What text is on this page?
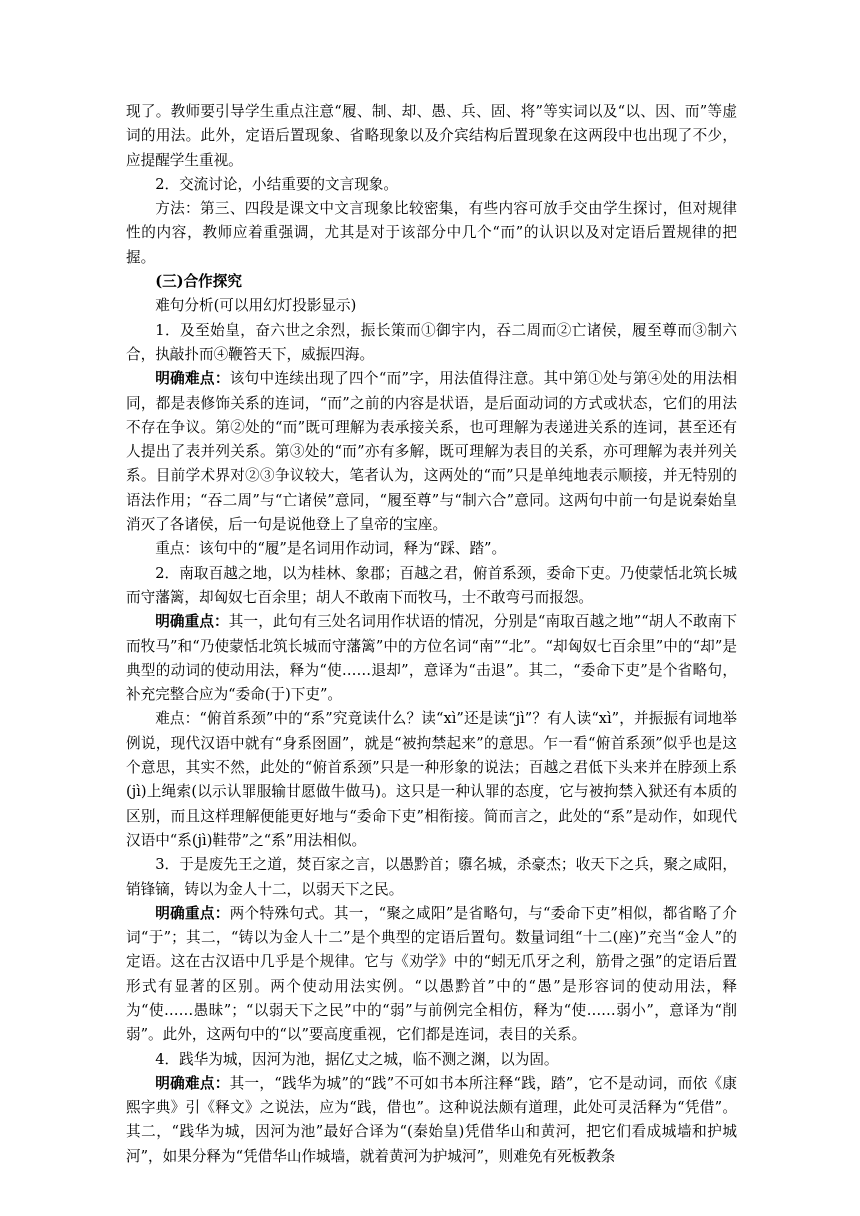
现了。教师要引导学生重点注意“履、制、却、愚、兵、固、将”等实词以及“以、因、而”等虚词的用法。此外，定语后置现象、省略现象以及介宾结构后置现象在这两段中也出现了不少，应提醒学生重视。

2．交流讨论，小结重要的文言现象。

方法：第三、四段是课文中文言现象比较密集，有些内容可放手交由学生探讨，但对规律性的内容，教师应着重强调，尤其是对于该部分中几个“而”的认识以及对定语后置规律的把握。

(三)合作探究

难句分析(可以用幻灯投影显示)

1．及至始皇，奋六世之余烈，振长策而①御宇内，吞二周而②亡诸侯，履至尊而③制六合，执敲扑而④鞭笞天下，威振四海。

明确难点：该句中连续出现了四个“而”字，用法值得注意。其中第①处与第④处的用法相同，都是表修饰关系的连词，“而”之前的内容是状语，是后面动词的方式或状态，它们的用法不存在争议。第②处的“而”既可理解为表承接关系，也可理解为表递进关系的连词，甚至还有人提出了表并列关系。第③处的“而”亦有多解，既可理解为表目的关系，亦可理解为表并列关系。目前学术界对②③争议较大，笔者认为，这两处的“而”只是单纯地表示顺接，并无特别的语法作用；“吞二周”与“亡诸侯”意同，“履至尊”与“制六合”意同。这两句中前一句是说秦始皇消灭了各诸侯，后一句是说他登上了皇帝的宝座。

重点：该句中的“履”是名词用作动词，释为“踩、踏”。

2．南取百越之地，以为桂林、象郡；百越之君，俯首系颈，委命下吏。乃使蒙恬北筑长城而守藩篱，却匈奴七百余里；胡人不敢南下而牧马，士不敢弯弓而报怨。

明确重点：其一，此句有三处名词用作状语的情况，分别是“南取百越之地”“胡人不敢南下而牧马”和“乃使蒙恬北筑长城而守藩篱”中的方位名词“南”“北”。“却匈奴七百余里”中的“却”是典型的动词的使动用法，释为“使……退却”，意译为“击退”。其二，“委命下吏”是个省略句，补充完整合应为“委命(于)下吏”。

难点：“俯首系颈”中的“系”究竟读什么？读“xì”还是读“jì”？有人读“xì”，并振振有词地举例说，现代汉语中就有“身系囹圄”，就是“被拘禁起来”的意思。乍一看“俯首系颈”似乎也是这个意思，其实不然，此处的“俯首系颈”只是一种形象的说法；百越之君低下头来并在脖颈上系(jì)上绳索(以示认罪服输甘愿做牛做马)。这只是一种认罪的态度，它与被拘禁入狱还有本质的区别，而且这样理解便能更好地与“委命下吏”相衔接。简而言之，此处的“系”是动作，如现代汉语中“系(jì)鞋带”之“系”用法相似。

3．于是废先王之道，焚百家之言，以愚黔首；隳名城，杀豪杰；收天下之兵，聚之咸阳，销锋镝，铸以为金人十二，以弱天下之民。

明确重点：两个特殊句式。其一，“聚之咸阳”是省略句，与“委命下吏”相似，都省略了介词“于”；其二，“铸以为金人十二”是个典型的定语后置句。数量词组“十二(座)”充当“金人”的定语。这在古汉语中几乎是个规律。它与《劝学》中的“蚓无爪牙之利，筋骨之强”的定语后置形式有显著的区别。两个使动用法实例。“以愚黔首”中的“愚”是形容词的使动用法，释为“使……愚昧”；“以弱天下之民”中的“弱”与前例完全相仿，释为“使……弱小”，意译为“削弱”。此外，这两句中的“以”要高度重视，它们都是连词，表目的关系。

4．践华为城，因河为池，据亿丈之城，临不测之渊，以为固。

明确难点：其一，“践华为城”的“践”不可如书本所注释“践，踏”，它不是动词，而依《康熙字典》引《释文》之说法，应为“践，借也”。这种说法颇有道理，此处可灵活释为“凭借”。其二，“践华为城，因河为池”最好合译为“(秦始皇)凭借华山和黄河，把它们看成城墙和护城河”，如果分释为“凭借华山作城墙，就着黄河为护城河”，则难免有死板教条
